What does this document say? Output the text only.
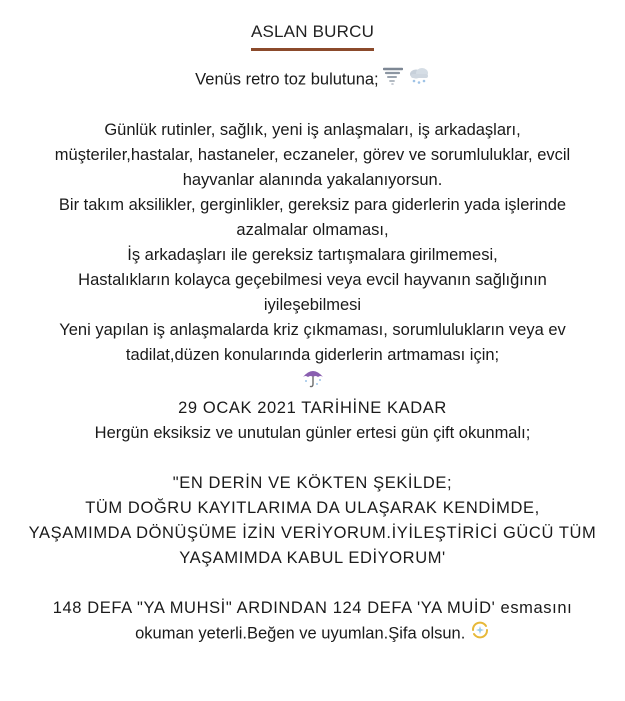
ASLAN BURCU

Venüs retro toz bulutuna;

Günlük rutinler, sağlık, yeni iş anlaşmaları, iş arkadaşları,

müşteriler,hastalar, hastaneler, eczaneler, görev ve sorumluluklar, evcil

hayvanlar alanında yakalanıyorsun.

Bir takım aksilikler, gerginlikler, gereksiz para giderlerin yada işlerinde

azalmalar olmaması,

İş arkadaşları ile gereksiz tartışmalara girilmemesi,

Hastalıkların kolayca geçebilmesi veya evcil hayvanın sağlığının

iyileşebilmesi

Yeni yapılan iş anlaşmalarda kriz çıkmaması, sorumlulukların veya ev

tadilat,düzen konularında giderlerin artmaması için;

29 OCAK 2021 TARİHİNE KADAR

Hergün eksiksiz ve unutulan günler ertesi gün çift okunmalı;

"EN DERİN VE KÖKTEN ŞEKİLDE;

TÜM DOĞRU KAYITLARIMA DA ULAŞARAK KENDİMDE,

YAŞAMIMDA DÖNÜŞÜME İZİN VERİYORUM.İYİLEŞTİRİCİ GÜCÜ TÜM

YAŞAMIMDA KABUL EDİYORUM'

148 DEFA "YA MUHSİ" ARDINDAN 124 DEFA 'YA MUİD' esmasını

okuman yeterli.Beğen ve uyumlan.Şifa olsun.
